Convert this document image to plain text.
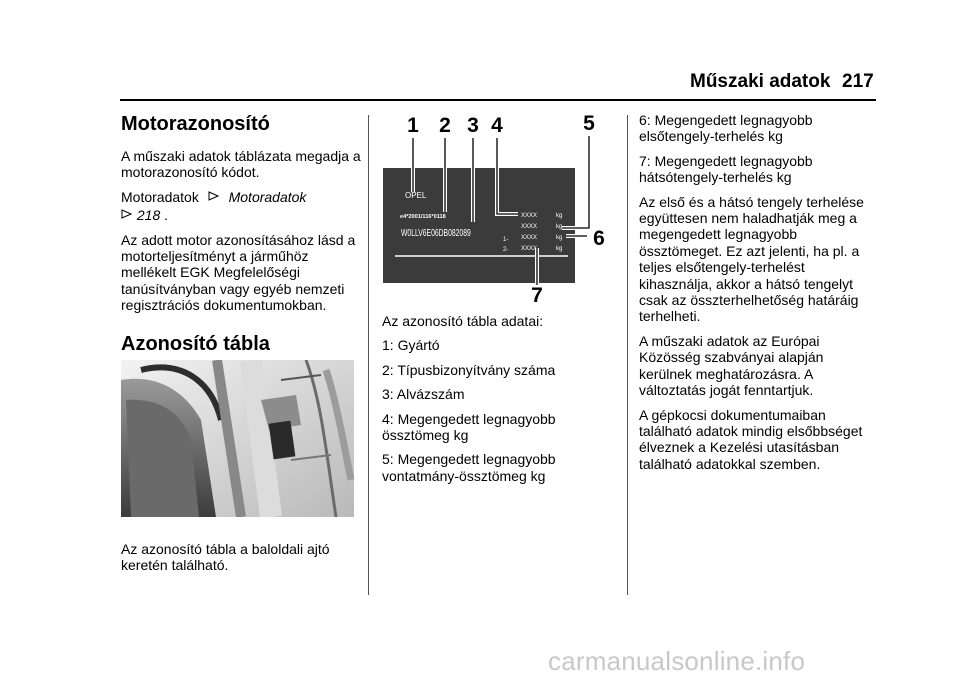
Műszaki adatok 217
Motorazonosító

A műszaki adatok táblázata megadja a motorazonosító kódot.

Motoradatok Motoradatok

218 .

Az adott motor azonosításához lásd a motorteljesítményt a járműhöz mellékelt EGK Megfelelőségi tanúsítványban vagy egyéb nemzeti regisztrációs dokumentumokban.

Azonosító tábla

Az azonosító tábla a baloldali ajtó keretén található.

1 2 3 4	5
OPEL
e4*2001/116*0118
W0LLV6E06DB082089
XXXX
XXXX
XXXX
XXXX
kg
kg
kg
kg
1-
2-	6
7

Az azonosító tábla adatai:

1: Gyártó

2: Típusbizonyítvány száma

3: Alvázszám

4: Megengedett legnagyobb össztömeg kg

5: Megengedett legnagyobb vontatmány-össztömeg kg

6: Megengedett legnagyobb elsőtengely-terhelés kg

7: Megengedett legnagyobb hátsótengely-terhelés kg

Az első és a hátsó tengely terhelése együttesen nem haladhatják meg a megengedett legnagyobb össztömeget. Ez azt jelenti, ha pl. a teljes elsőtengely-terhelést kihasználja, akkor a hátsó tengelyt csak az összterhelhetőség határáig terhelheti.

A műszaki adatok az Európai Közösség szabványai alapján kerülnek meghatározásra. A változtatás jogát fenntartjuk.

A gépkocsi dokumentumaiban található adatok mindig elsőbbséget élveznek a Kezelési utasításban található adatokkal szemben.

carmanualsonline.info
